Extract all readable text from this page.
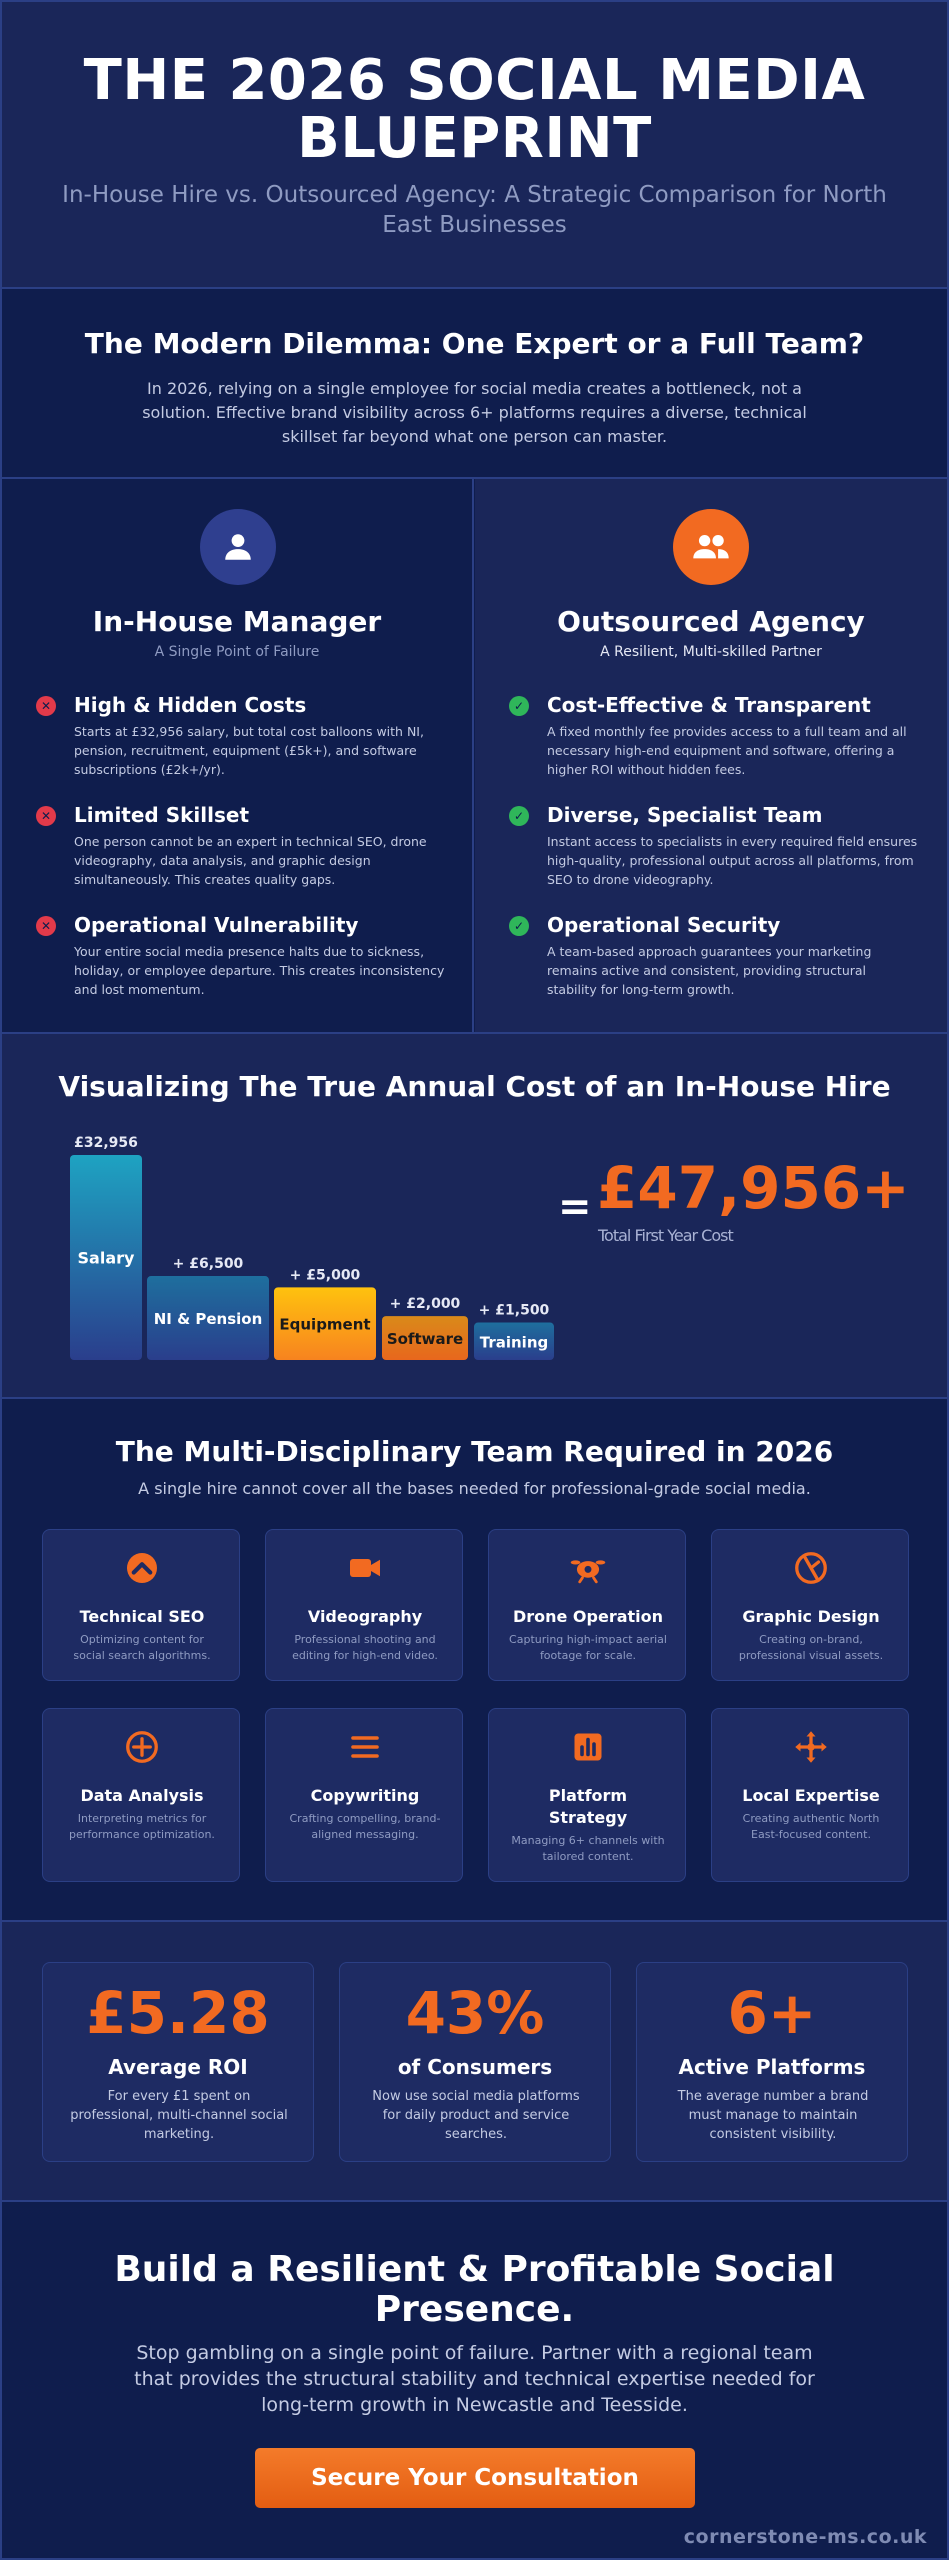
THE 2026 SOCIAL MEDIA BLUEPRINT
In-House Hire vs. Outsourced Agency: A Strategic Comparison for North East Businesses
The Modern Dilemma: One Expert or a Full Team?

In 2026, relying on a single employee for social media creates a bottleneck, not a solution. Effective brand visibility across 6+ platforms requires a diverse, technical skillset far beyond what one person can master.

In-House Manager
A Single Point of Failure
✕ High & Hidden Costs

Starts at £32,956 salary, but total cost balloons with NI, pension, recruitment, equipment (£5k+), and software subscriptions (£2k+/yr).

✕ Limited Skillset

One person cannot be an expert in technical SEO, drone videography, data analysis, and graphic design simultaneously. This creates quality gaps.

✕ Operational Vulnerability

Your entire social media presence halts due to sickness, holiday, or employee departure. This creates inconsistency and lost momentum.

Outsourced Agency
A Resilient, Multi-skilled Partner
✓ Cost-Effective & Transparent

A fixed monthly fee provides access to a full team and all necessary high-end equipment and software, offering a higher ROI without hidden fees.

✓ Diverse, Specialist Team

Instant access to specialists in every required field ensures high-quality, professional output across all platforms, from SEO to drone videography.

✓ Operational Security

A team-based approach guarantees your marketing remains active and consistent, providing structural stability for long-term growth.

Visualizing The True Annual Cost of an In-House Hire
£32,956
Salary	+ £6,500
NI & Pension
+ £5,000
Equipment
+ £2,000
Software
+ £1,500
Training
= £47,956+
Total First Year Cost
The Multi-Disciplinary Team Required in 2026
A single hire cannot cover all the bases needed for professional-grade social media.
Technical SEO

Optimizing content for social search algorithms.

Videography

Professional shooting and editing for high-end video.

Drone Operation

Capturing high-impact aerial footage for scale.

Graphic Design

Creating on-brand, professional visual assets.

Data Analysis

Interpreting metrics for performance optimization.

Copywriting

Crafting compelling, brand-aligned messaging.

Platform Strategy

Managing 6+ channels with tailored content.

Local Expertise

Creating authentic North East-focused content.

£5.28
Average ROI

For every £1 spent on professional, multi-channel social marketing.

43%
of Consumers

Now use social media platforms for daily product and service searches.

6+
Active Platforms

The average number a brand must manage to maintain consistent visibility.

Build a Resilient & Profitable Social Presence.

Stop gambling on a single point of failure. Partner with a regional team that provides the structural stability and technical expertise needed for long-term growth in Newcastle and Teesside.

Secure Your Consultation
cornerstone-ms.co.uk
